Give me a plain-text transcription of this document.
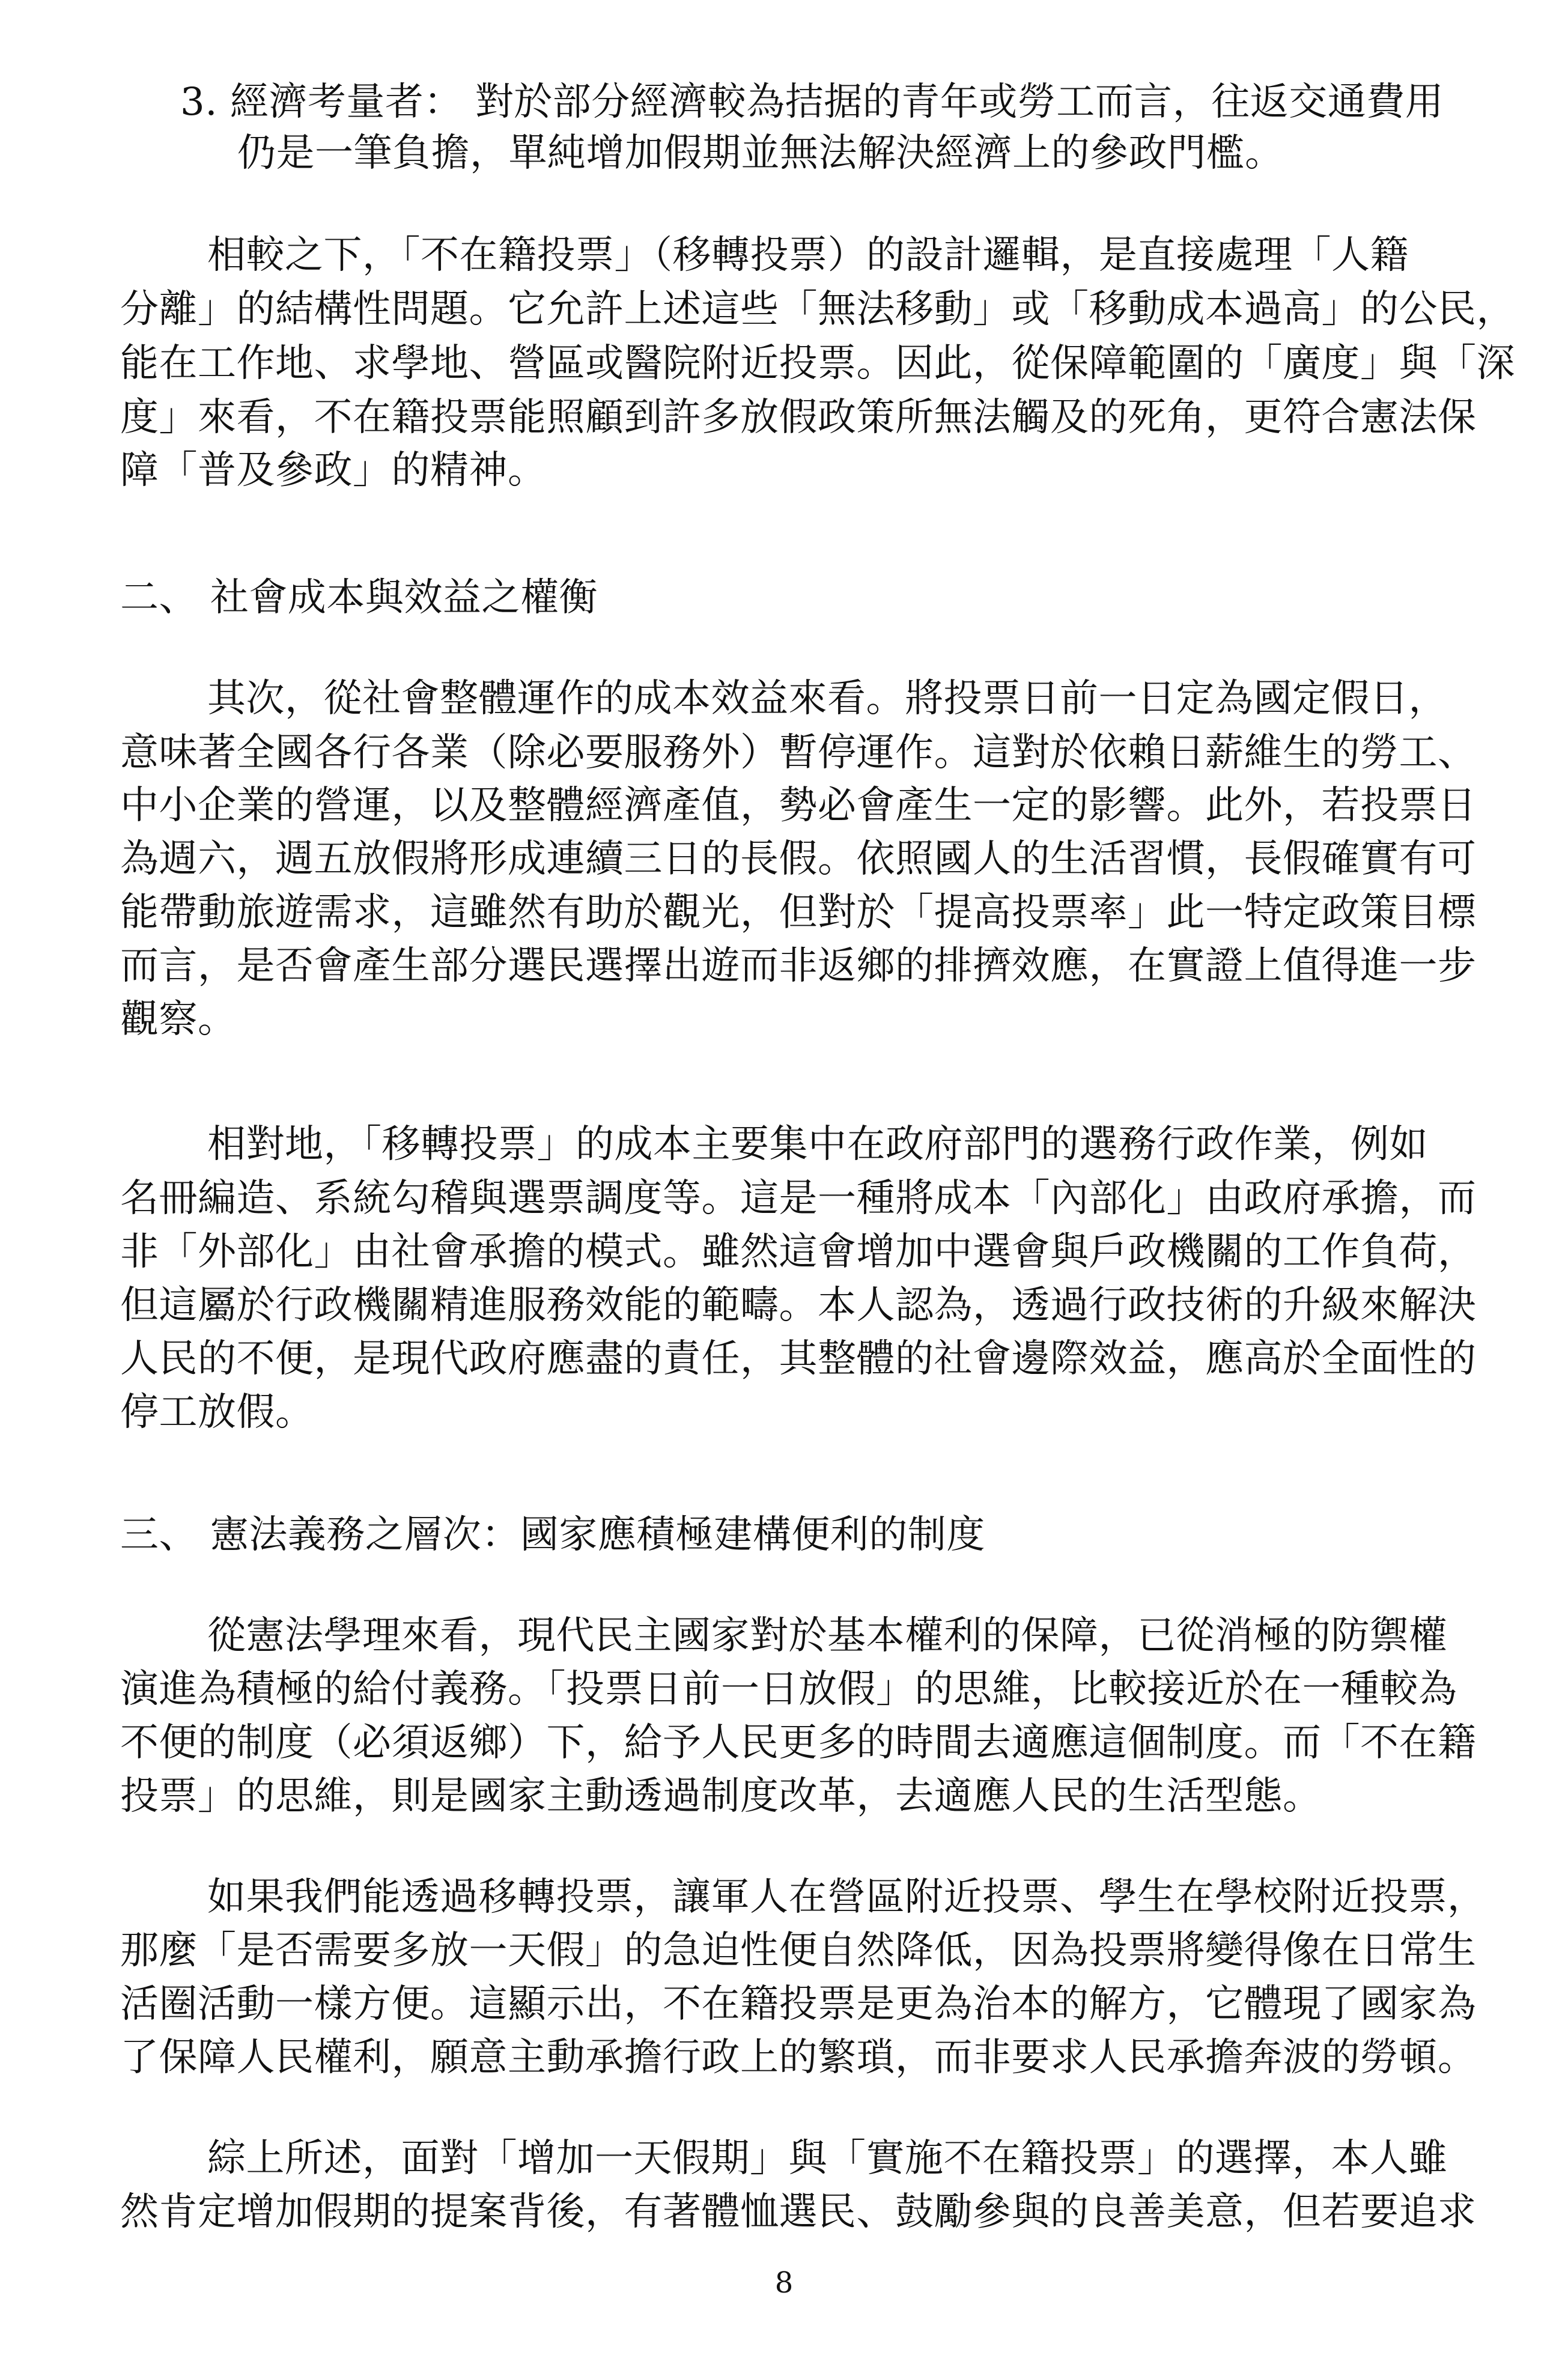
3. 經濟考量者： 對於部分經濟較為拮据的青年或勞工而言，往返交通費用
仍是一筆負擔，單純增加假期並無法解決經濟上的參政門檻。
相較之下，「不在籍投票」（移轉投票）的設計邏輯，是直接處理「人籍
分離」的結構性問題。它允許上述這些「無法移動」或「移動成本過高」的公民，
能在工作地、求學地、營區或醫院附近投票。因此，從保障範圍的「廣度」與「深
度」來看，不在籍投票能照顧到許多放假政策所無法觸及的死角，更符合憲法保
障「普及參政」的精神。
二、 社會成本與效益之權衡
其次，從社會整體運作的成本效益來看。將投票日前一日定為國定假日，
意味著全國各行各業（除必要服務外）暫停運作。這對於依賴日薪維生的勞工、
中小企業的營運，以及整體經濟產值，勢必會產生一定的影響。此外，若投票日
為週六，週五放假將形成連續三日的長假。依照國人的生活習慣，長假確實有可
能帶動旅遊需求，這雖然有助於觀光，但對於「提高投票率」此一特定政策目標
而言，是否會產生部分選民選擇出遊而非返鄉的排擠效應，在實證上值得進一步
觀察。
相對地，「移轉投票」的成本主要集中在政府部門的選務行政作業，例如
名冊編造、系統勾稽與選票調度等。這是一種將成本「內部化」由政府承擔，而
非「外部化」由社會承擔的模式。雖然這會增加中選會與戶政機關的工作負荷，
但這屬於行政機關精進服務效能的範疇。本人認為，透過行政技術的升級來解決
人民的不便，是現代政府應盡的責任，其整體的社會邊際效益，應高於全面性的
停工放假。
三、 憲法義務之層次：國家應積極建構便利的制度
從憲法學理來看，現代民主國家對於基本權利的保障，已從消極的防禦權
演進為積極的給付義務。「投票日前一日放假」的思維，比較接近於在一種較為
不便的制度（必須返鄉）下，給予人民更多的時間去適應這個制度。而「不在籍
投票」的思維，則是國家主動透過制度改革，去適應人民的生活型態。
如果我們能透過移轉投票，讓軍人在營區附近投票、學生在學校附近投票，
那麼「是否需要多放一天假」的急迫性便自然降低，因為投票將變得像在日常生
活圈活動一樣方便。這顯示出，不在籍投票是更為治本的解方，它體現了國家為
了保障人民權利，願意主動承擔行政上的繁瑣，而非要求人民承擔奔波的勞頓。
綜上所述，面對「增加一天假期」與「實施不在籍投票」的選擇，本人雖
然肯定增加假期的提案背後，有著體恤選民、鼓勵參與的良善美意，但若要追求
8
